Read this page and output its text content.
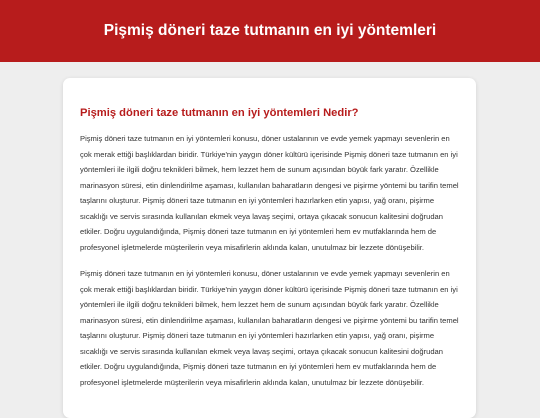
Pişmiş döneri taze tutmanın en iyi yöntemleri
Pişmiş döneri taze tutmanın en iyi yöntemleri Nedir?

Pişmiş döneri taze tutmanın en iyi yöntemleri konusu, döner ustalarının ve evde yemek yapmayı sevenlerin en çok merak ettiği başlıklardan biridir. Türkiye'nin yaygın döner kültürü içerisinde Pişmiş döneri taze tutmanın en iyi yöntemleri ile ilgili doğru teknikleri bilmek, hem lezzet hem de sunum açısından büyük fark yaratır. Özellikle marinasyon süresi, etin dinlendirilme aşaması, kullanılan baharatların dengesi ve pişirme yöntemi bu tarifin temel taşlarını oluşturur. Pişmiş döneri taze tutmanın en iyi yöntemleri hazırlarken etin yapısı, yağ oranı, pişirme sıcaklığı ve servis sırasında kullanılan ekmek veya lavaş seçimi, ortaya çıkacak sonucun kalitesini doğrudan etkiler. Doğru uygulandığında, Pişmiş döneri taze tutmanın en iyi yöntemleri hem ev mutfaklarında hem de profesyonel işletmelerde müşterilerin veya misafirlerin aklında kalan, unutulmaz bir lezzete dönüşebilir.

Pişmiş döneri taze tutmanın en iyi yöntemleri konusu, döner ustalarının ve evde yemek yapmayı sevenlerin en çok merak ettiği başlıklardan biridir. Türkiye'nin yaygın döner kültürü içerisinde Pişmiş döneri taze tutmanın en iyi yöntemleri ile ilgili doğru teknikleri bilmek, hem lezzet hem de sunum açısından büyük fark yaratır. Özellikle marinasyon süresi, etin dinlendirilme aşaması, kullanılan baharatların dengesi ve pişirme yöntemi bu tarifin temel taşlarını oluşturur. Pişmiş döneri taze tutmanın en iyi yöntemleri hazırlarken etin yapısı, yağ oranı, pişirme sıcaklığı ve servis sırasında kullanılan ekmek veya lavaş seçimi, ortaya çıkacak sonucun kalitesini doğrudan etkiler. Doğru uygulandığında, Pişmiş döneri taze tutmanın en iyi yöntemleri hem ev mutfaklarında hem de profesyonel işletmelerde müşterilerin veya misafirlerin aklında kalan, unutulmaz bir lezzete dönüşebilir.
